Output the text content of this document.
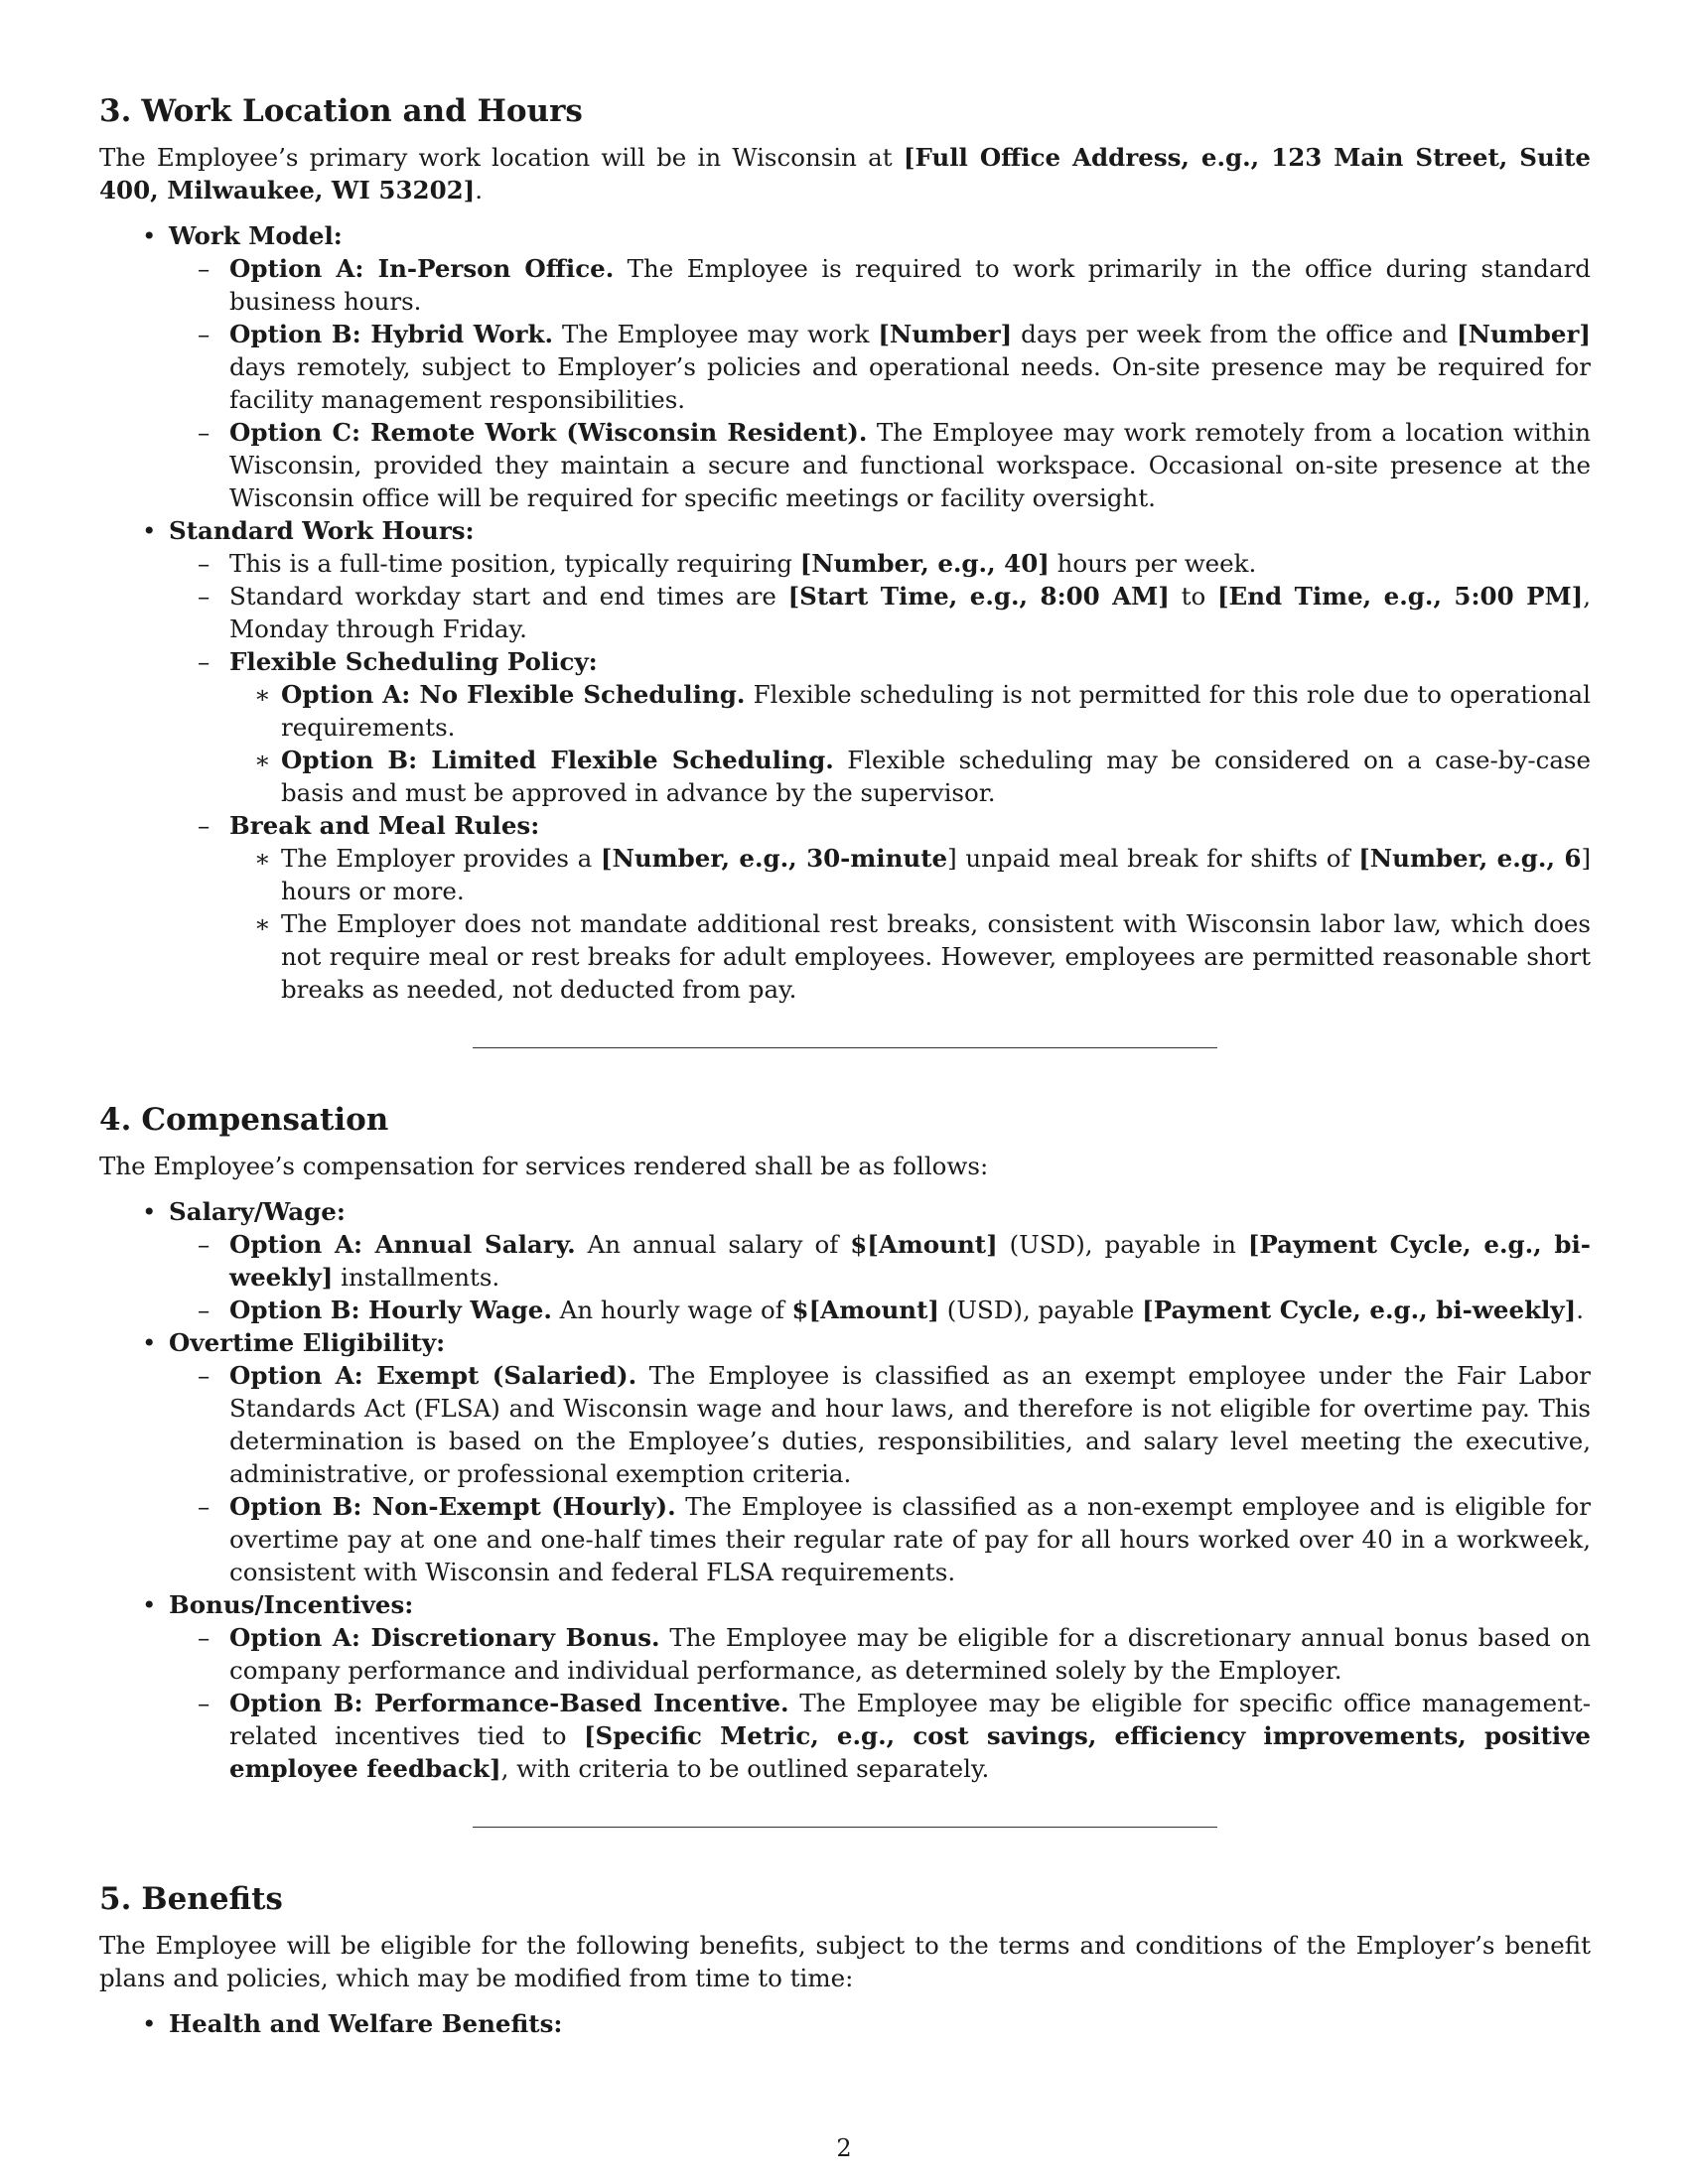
3. Work Location and Hours

The Employee’s primary work location will be in Wisconsin at [Full Office Address, e.g., 123 Main Street, Suite 400, Milwaukee, WI 53202].

• Work Model:
– Option A: In-Person Office. The Employee is required to work primarily in the office during standard business hours.
– Option B: Hybrid Work. The Employee may work [Number] days per week from the office and [Number] days remotely, subject to Employer’s policies and operational needs. On-site presence may be required for facility management responsibilities.
– Option C: Remote Work (Wisconsin Resident). The Employee may work remotely from a location within Wisconsin, provided they maintain a secure and functional workspace. Occasional on-site presence at the Wisconsin office will be required for specific meetings or facility oversight.
• Standard Work Hours:
– This is a full-time position, typically requiring [Number, e.g., 40] hours per week.
– Standard workday start and end times are [Start Time, e.g., 8:00 AM] to [End Time, e.g., 5:00 PM], Monday through Friday.
– Flexible Scheduling Policy:
∗ Option A: No Flexible Scheduling. Flexible scheduling is not permitted for this role due to operational requirements.
∗ Option B: Limited Flexible Scheduling. Flexible scheduling may be considered on a case-by-case basis and must be approved in advance by the supervisor.
– Break and Meal Rules:
∗ The Employer provides a [Number, e.g., 30-minute] unpaid meal break for shifts of [Number, e.g., 6] hours or more.
∗ The Employer does not mandate additional rest breaks, consistent with Wisconsin labor law, which does not require meal or rest breaks for adult employees. However, employees are permitted reasonable short breaks as needed, not deducted from pay.
4. Compensation

The Employee’s compensation for services rendered shall be as follows:

• Salary/Wage:
– Option A: Annual Salary. An annual salary of $[Amount] (USD), payable in [Payment Cycle, e.g., bi-weekly] installments.
– Option B: Hourly Wage. An hourly wage of $[Amount] (USD), payable [Payment Cycle, e.g., bi-weekly].
• Overtime Eligibility:
– Option A: Exempt (Salaried). The Employee is classified as an exempt employee under the Fair Labor Standards Act (FLSA) and Wisconsin wage and hour laws, and therefore is not eligible for overtime pay. This determination is based on the Employee’s duties, responsibilities, and salary level meeting the executive, administrative, or professional exemption criteria.
– Option B: Non-Exempt (Hourly). The Employee is classified as a non-exempt employee and is eligible for overtime pay at one and one-half times their regular rate of pay for all hours worked over 40 in a workweek, consistent with Wisconsin and federal FLSA requirements.
• Bonus/Incentives:
– Option A: Discretionary Bonus. The Employee may be eligible for a discretionary annual bonus based on company performance and individual performance, as determined solely by the Employer.
– Option B: Performance-Based Incentive. The Employee may be eligible for specific office management-related incentives tied to [Specific Metric, e.g., cost savings, efficiency improvements, positive employee feedback], with criteria to be outlined separately.
5. Benefits

The Employee will be eligible for the following benefits, subject to the terms and conditions of the Employer’s benefit plans and policies, which may be modified from time to time:

• Health and Welfare Benefits:
2
